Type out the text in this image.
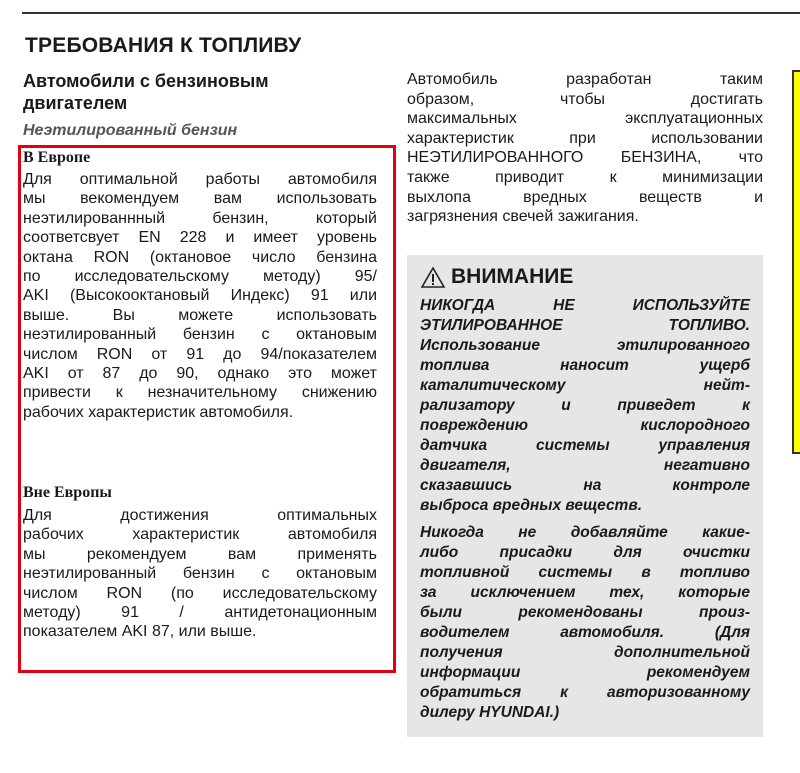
ТРЕБОВАНИЯ К ТОПЛИВУ
Автомобили с бензиновым
двигателем
Неэтилированный бензин
В Европе
Для оптимальной работы автомобиля
мы векомендуем вам использовать
неэтилированнный бензин, который
соответсвует EN 228 и имеет уровень
октана RON (октановое число бензина
по исследовательскому методу) 95/
AKI (Высокооктановый Индекс) 91 или
выше. Вы можете использовать
неэтилированный бензин с октановым
числом RON от 91 до 94/показателем
AKI от 87 до 90, однако это может
привести к незначительному снижению
рабочих характеристик автомобиля.
Вне Европы
Для достижения оптимальных
рабочих характеристик автомобиля
мы рекомендуем вам применять
неэтилированный бензин с октановым
числом RON (по исследовательскому
методу) 91 / антидетонационным
показателем AKI 87, или выше.
Автомобиль разработан таким
образом, чтобы достигать
максимальных эксплуатационных
характеристик при использовании
НЕЭТИЛИРОВАННОГО БЕНЗИНА, что
также приводит к минимизации
выхлопа вредных веществ и
загрязнения свечей зажигания.
ВНИМАНИЕ
НИКОГДА НЕ ИСПОЛЬЗУЙТЕ
ЭТИЛИРОВАННОЕ ТОПЛИВО.
Использование этилированного
топлива наносит ущерб
каталитическому нейт-
рализатору и приведет к
повреждению кислородного
датчика системы управления
двигателя, негативно
сказавшись на контроле
выброса вредных веществ.
Никогда не добавляйте какие-
либо присадки для очистки
топливной системы в топливо
за исключением тех, которые
были рекомендованы произ-
водителем автомобиля. (Для
получения дополнительной
информации рекомендуем
обратиться к авторизованному
дилеру HYUNDAI.)
